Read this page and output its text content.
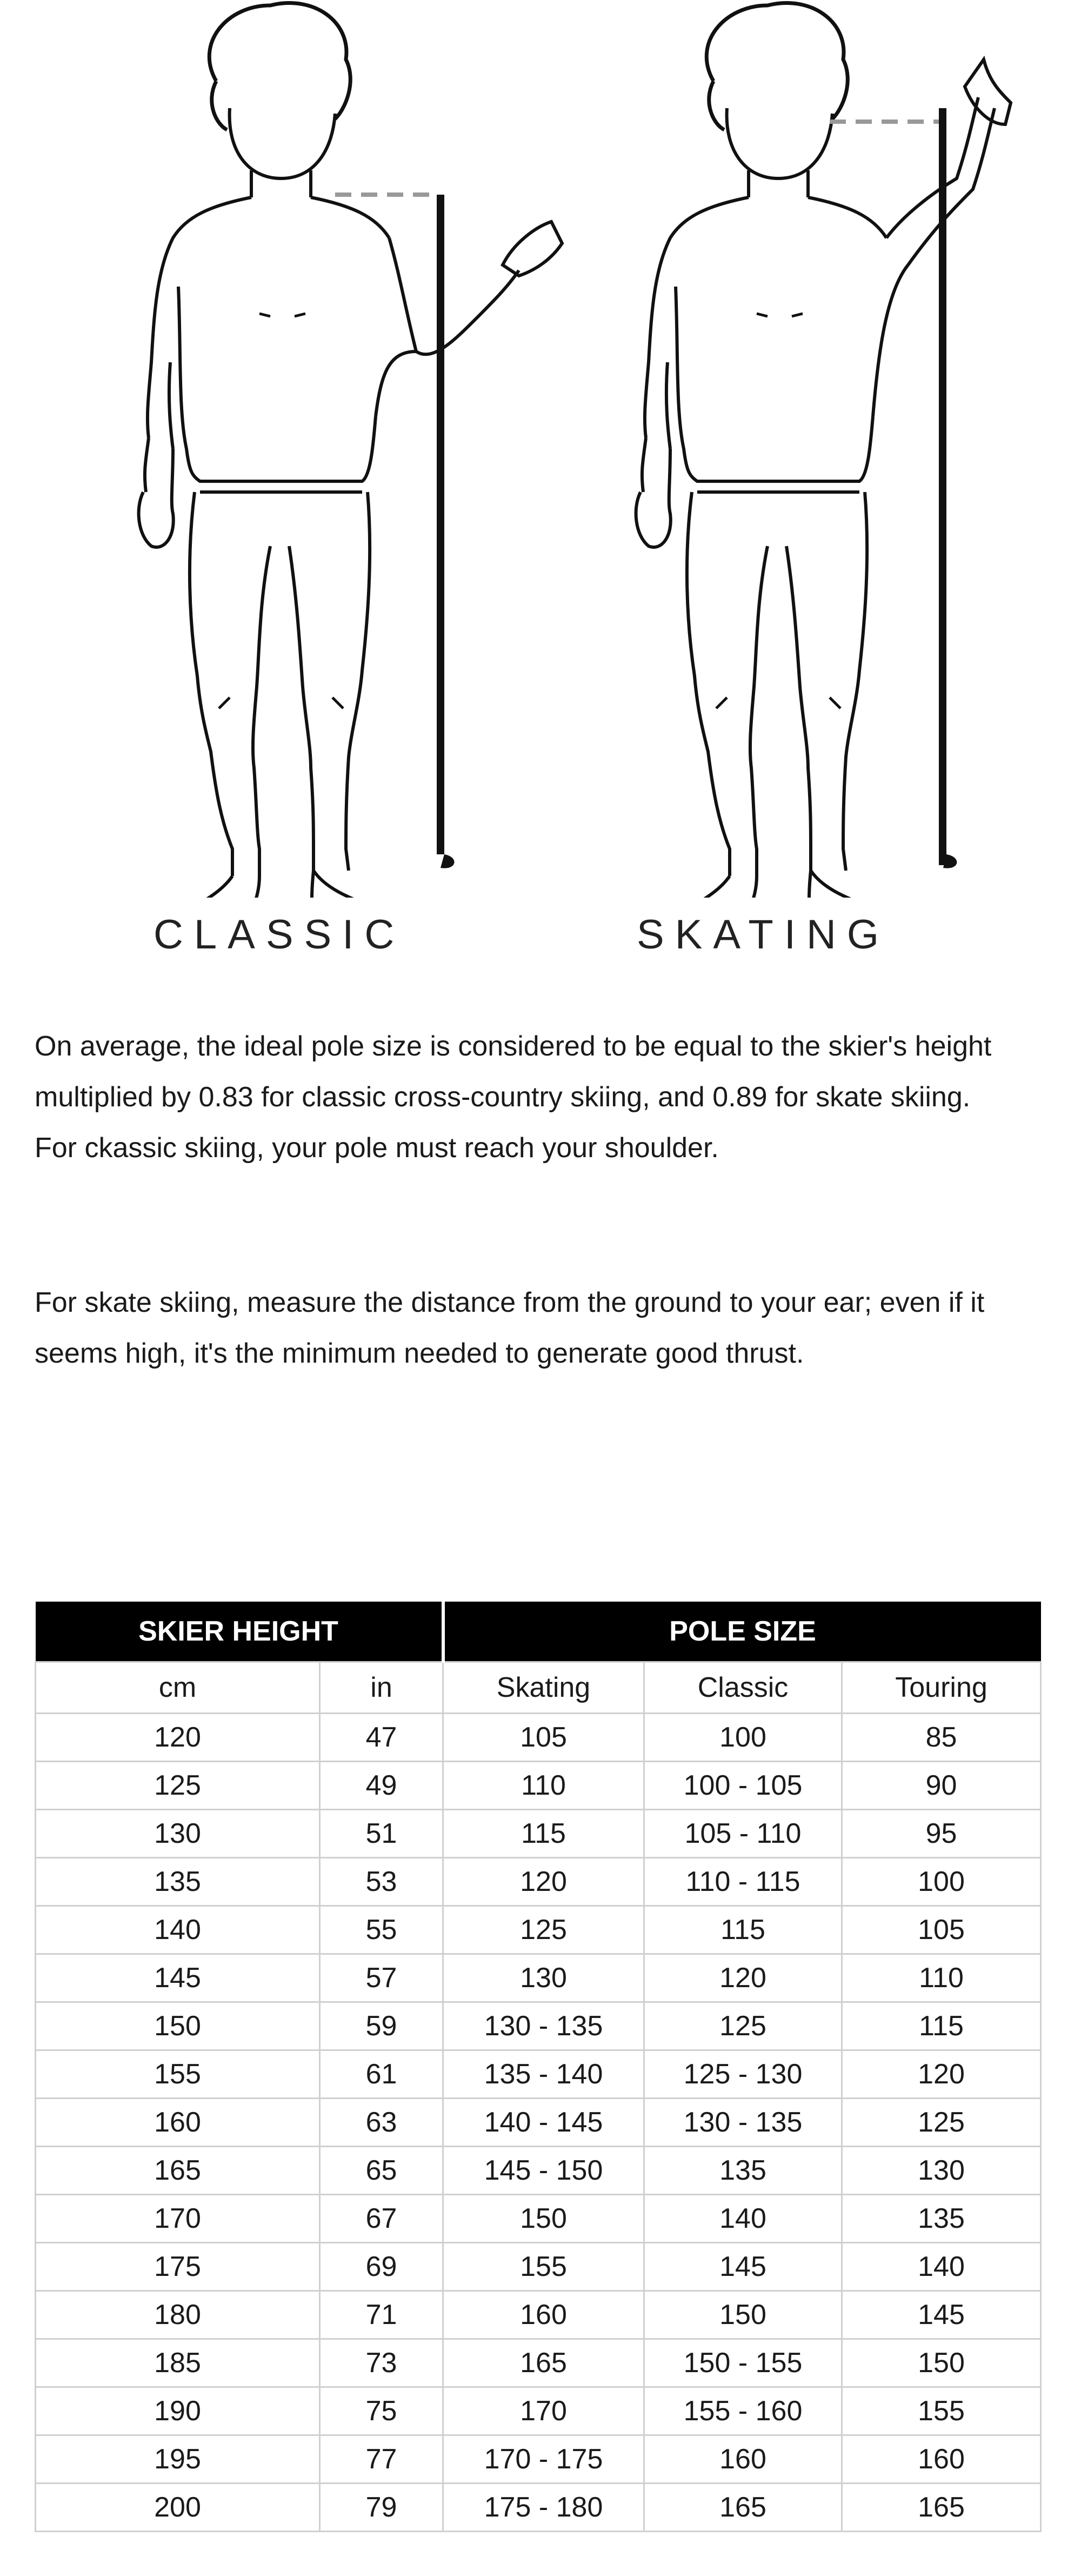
CLASSIC	SKATING
On average, the ideal pole size is considered to be equal to the skier's height multiplied by 0.83 for classic cross-country skiing, and 0.89 for skate skiing.
For ckassic skiing, your pole must reach your shoulder.
For skate skiing, measure the distance from the ground to your ear; even if it seems high, it's the minimum needed to generate good thrust.
SKIER HEIGHT		POLE SIZE		
cm	in	Skating	Classic	Touring
120	47	105	100	85
125	49	110	100 - 105	90
130	51	115	105 - 110	95
135	53	120	110 - 115	100
140	55	125	115	105
145	57	130	120	110
150	59	130 - 135	125	115
155	61	135 - 140	125 - 130	120
160	63	140 - 145	130 - 135	125
165	65	145 - 150	135	130
170	67	150	140	135
175	69	155	145	140
180	71	160	150	145
185	73	165	150 - 155	150
190	75	170	155 - 160	155
195	77	170 - 175	160	160
200	79	175 - 180	165	165
